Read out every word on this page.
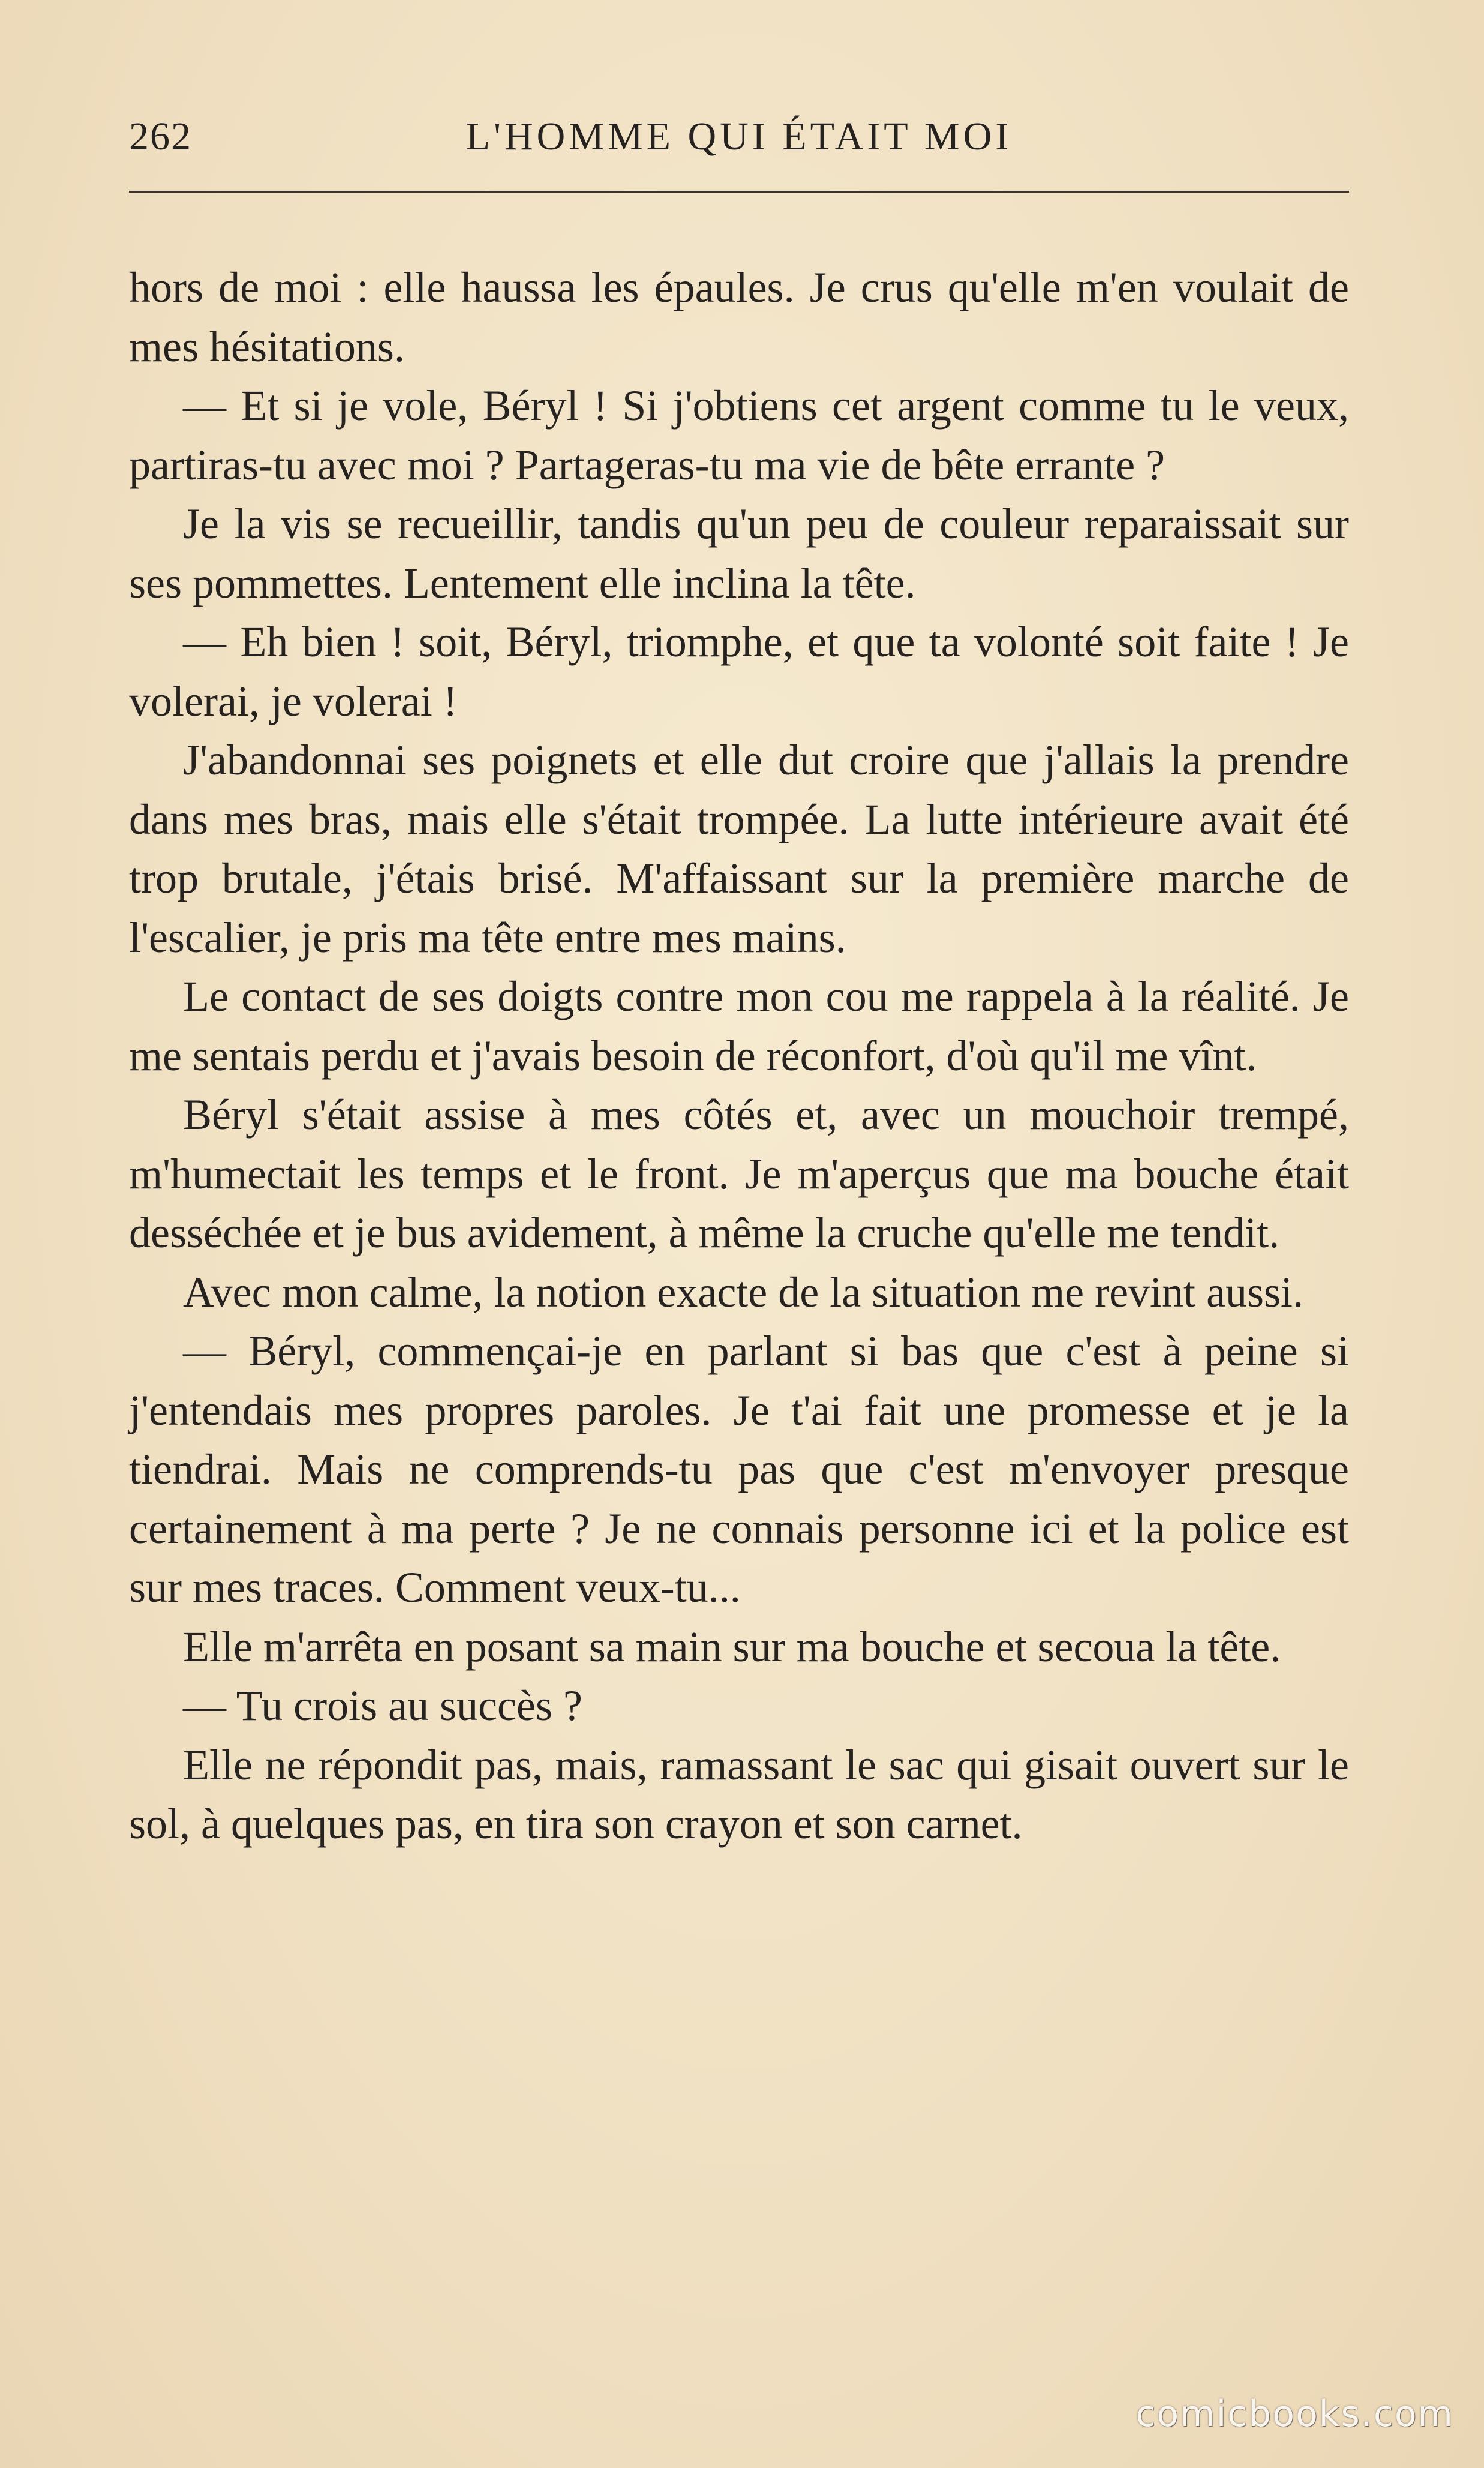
262	L'HOMME QUI ÉTAIT MOI

hors de moi : elle haussa les épaules. Je crus qu'elle m'en voulait de mes hésitations.

— Et si je vole, Béryl ! Si j'obtiens cet argent comme tu le veux, partiras-tu avec moi ? Partageras-tu ma vie de bête errante ?

Je la vis se recueillir, tandis qu'un peu de couleur reparaissait sur ses pommettes. Lentement elle inclina la tête.

— Eh bien ! soit, Béryl, triomphe, et que ta volonté soit faite ! Je volerai, je volerai !

J'abandonnai ses poignets et elle dut croire que j'allais la prendre dans mes bras, mais elle s'était trompée. La lutte intérieure avait été trop brutale, j'étais brisé. M'affaissant sur la première marche de l'escalier, je pris ma tête entre mes mains.

Le contact de ses doigts contre mon cou me rappela à la réalité. Je me sentais perdu et j'avais besoin de réconfort, d'où qu'il me vînt.

Béryl s'était assise à mes côtés et, avec un mouchoir trempé, m'humectait les temps et le front. Je m'aperçus que ma bouche était desséchée et je bus avidement, à même la cruche qu'elle me tendit.

Avec mon calme, la notion exacte de la situation me revint aussi.

— Béryl, commençai-je en parlant si bas que c'est à peine si j'entendais mes propres paroles. Je t'ai fait une promesse et je la tiendrai. Mais ne comprends-tu pas que c'est m'envoyer presque certainement à ma perte ? Je ne connais personne ici et la police est sur mes traces. Comment veux-tu...

Elle m'arrêta en posant sa main sur ma bouche et secoua la tête.

— Tu crois au succès ?

Elle ne répondit pas, mais, ramassant le sac qui gisait ouvert sur le sol, à quelques pas, en tira son crayon et son carnet.

comicbooks.com
